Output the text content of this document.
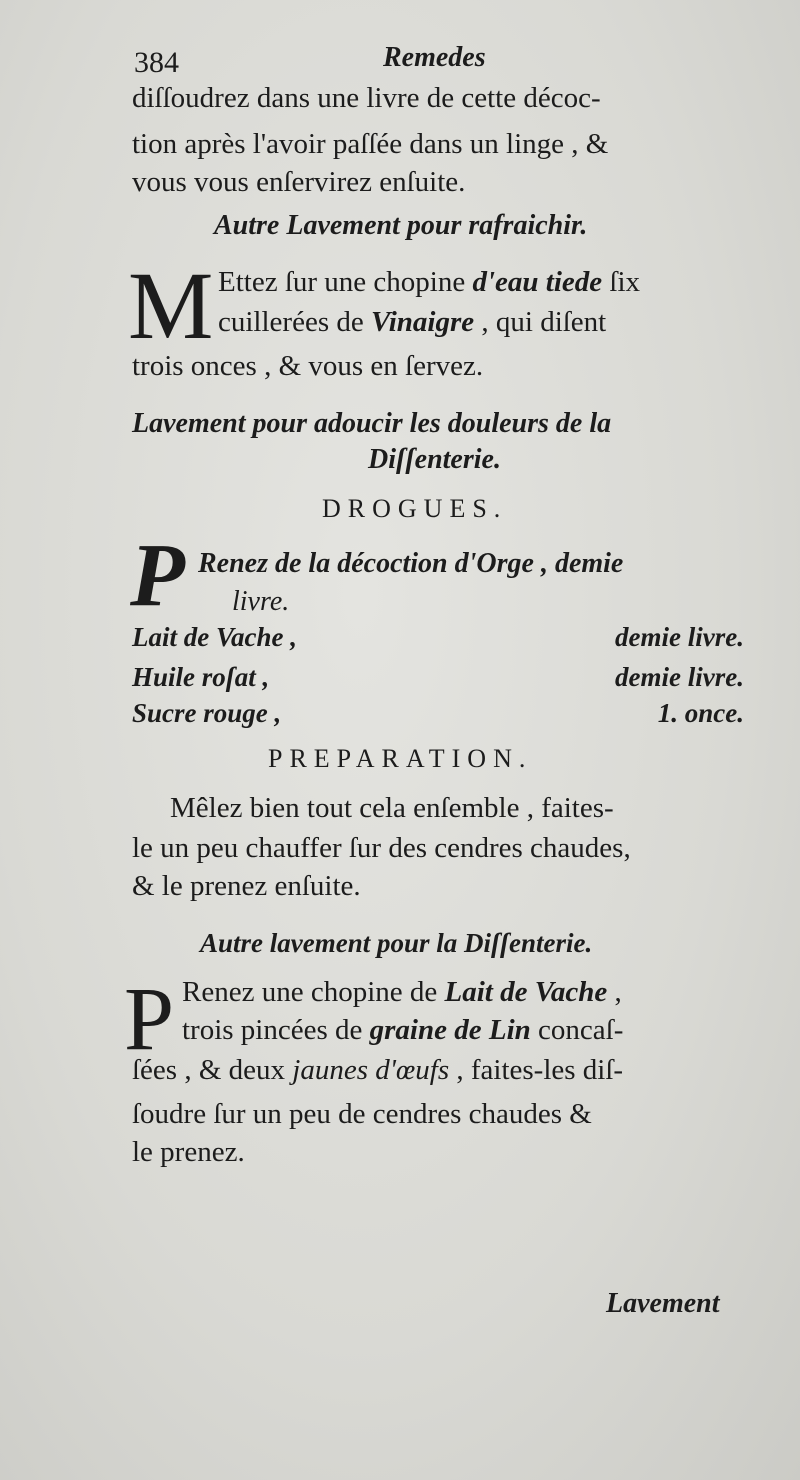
384	Remedes
diſſoudrez dans une livre de cette décoc-
tion après l'avoir paſſée dans un linge , &
vous vous enſervirez enſuite.
Autre Lavement pour rafraichir.
M Ettez ſur une chopine d'eau tiede ſix
cuillerées de Vinaigre , qui diſent
trois onces , & vous en ſervez.
Lavement pour adoucir les douleurs de la
Diſſenterie.
DROGUES.
P Renez de la décoction d'Orge , demie
livre.
Lait de Vache ,	demie livre.
Huile roſat ,	demie livre.
Sucre rouge ,	1. once.
PREPARATION.
Mêlez bien tout cela enſemble , faites-
le un peu chauffer ſur des cendres chaudes,
& le prenez enſuite.
Autre lavement pour la Diſſenterie.
P Renez une chopine de Lait de Vache ,
trois pincées de graine de Lin concaſ-
ſées , & deux jaunes d'œufs , faites-les diſ-
ſoudre ſur un peu de cendres chaudes &
le prenez.
Lavement
